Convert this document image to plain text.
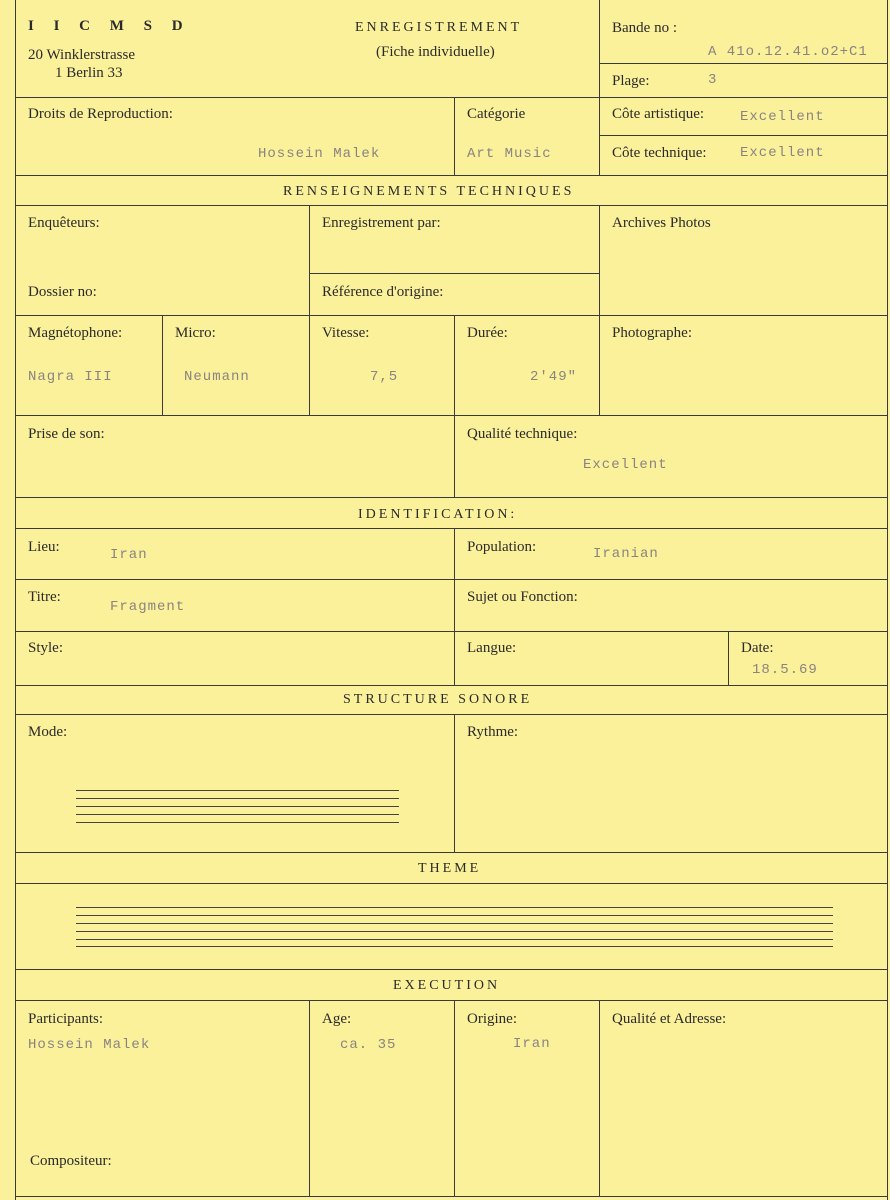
I I C M S D
20 Winklerstrasse
1 Berlin 33
ENREGISTREMENT
(Fiche individuelle)
Bande no :
A 41o.12.41.o2+C1
Plage:	3
Droits de Reproduction:
Hossein Malek
Catégorie
Art Music
Côte artistique:	Excellent
Côte technique: Excellent
RENSEIGNEMENTS TECHNIQUES
Enquêteurs:	Enregistrement par:	Archives Photos
Dossier no:	Référence d'origine:
Magnétophone:
Nagra III
Micro:
Neumann
Vitesse:
7,5
Durée:
2'49"
Photographe:
Prise de son:	Qualité technique:
Excellent
IDENTIFICATION:
Lieu:	Iran	Population:	Iranian
Titre:
Fragment
Sujet ou Fonction:
Style:	Langue:	Date:
18.5.69
STRUCTURE SONORE
Mode:	Rythme:
THEME
EXECUTION
Participants:
Hossein Malek
Age:
ca. 35
Origine:
Iran
Qualité et Adresse:
Compositeur:
